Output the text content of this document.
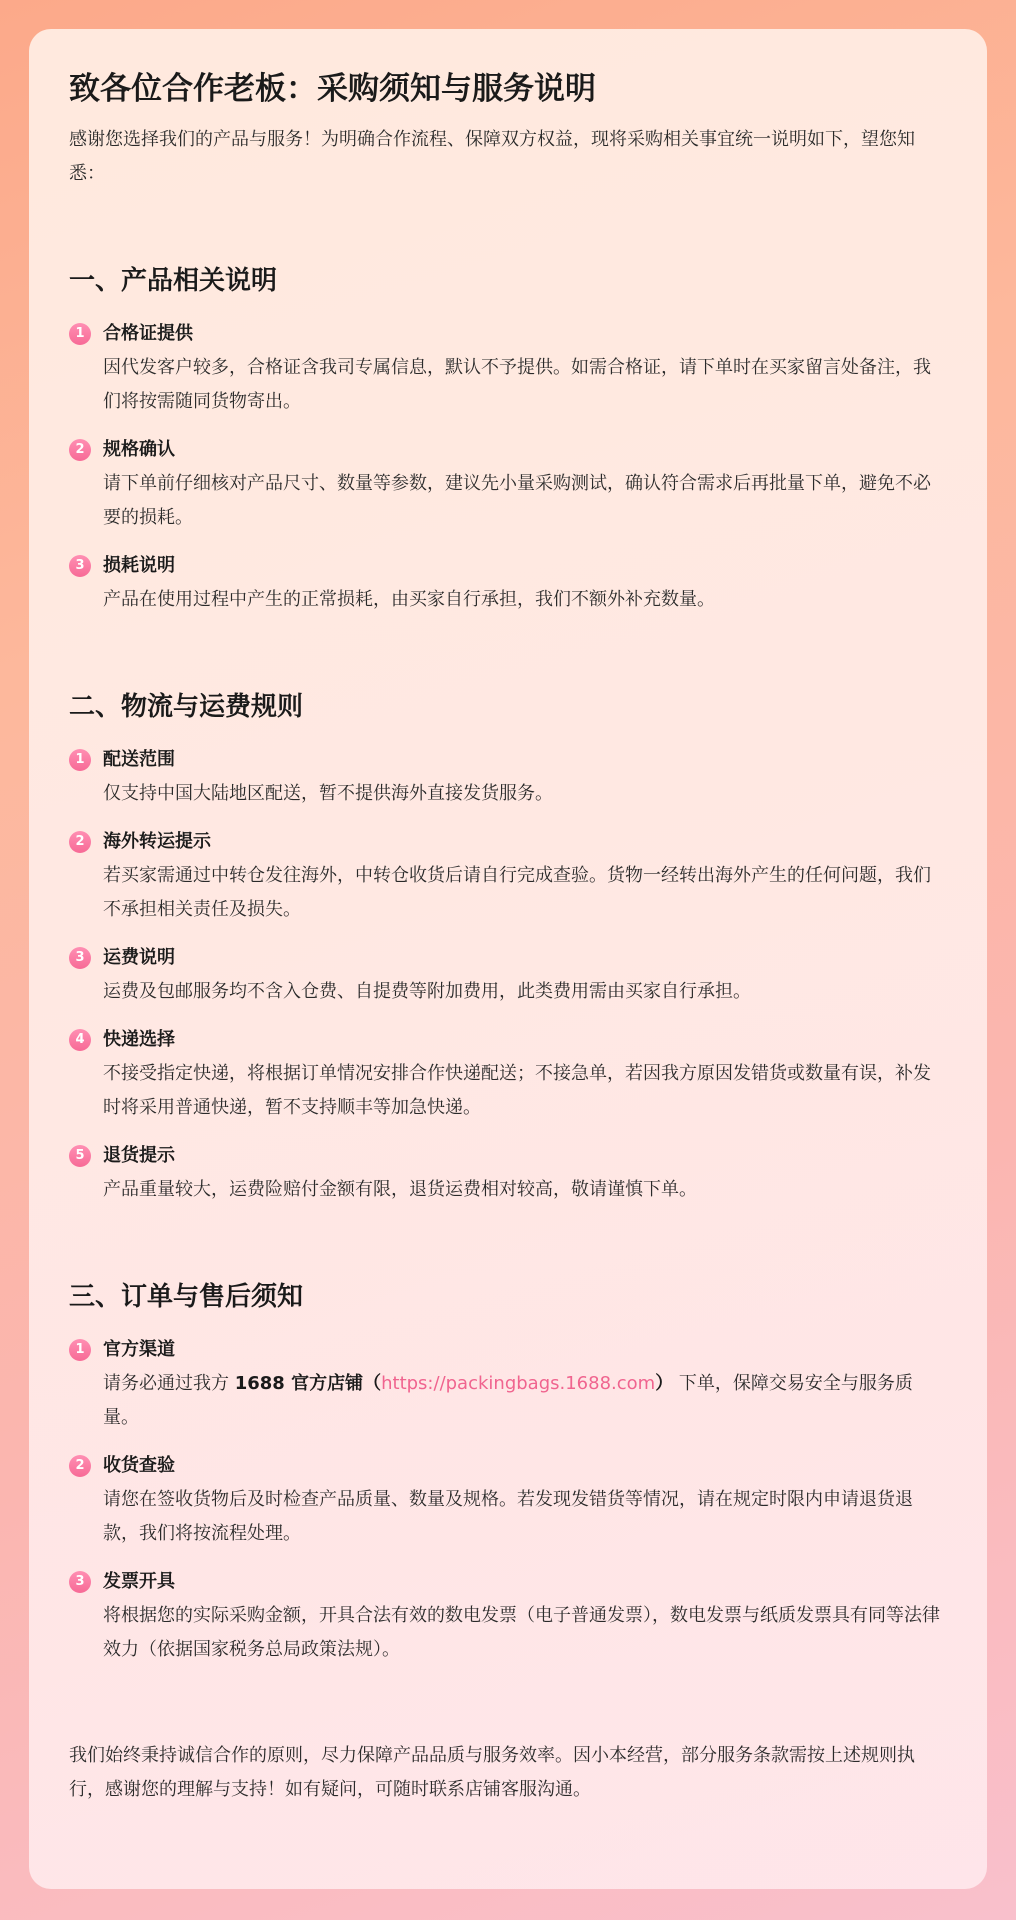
致各位合作老板：采购须知与服务说明
感谢您选择我们的产品与服务！为明确合作流程、保障双方权益，现将采购相关事宜统一说明如下，望您知悉：
一、产品相关说明
1	合格证提供
因代发客户较多，合格证含我司专属信息，默认不予提供。如需合格证，请下单时在买家留言处备注，我们将按需随同货物寄出。
2	规格确认
请下单前仔细核对产品尺寸、数量等参数，建议先小量采购测试，确认符合需求后再批量下单，避免不必要的损耗。
3	损耗说明
产品在使用过程中产生的正常损耗，由买家自行承担，我们不额外补充数量。
二、物流与运费规则
1	配送范围
仅支持中国大陆地区配送，暂不提供海外直接发货服务。
2	海外转运提示
若买家需通过中转仓发往海外，中转仓收货后请自行完成查验。货物一经转出海外产生的任何问题，我们不承担相关责任及损失。
3	运费说明
运费及包邮服务均不含入仓费、自提费等附加费用，此类费用需由买家自行承担。
4	快递选择
不接受指定快递，将根据订单情况安排合作快递配送；不接急单，若因我方原因发错货或数量有误，补发时将采用普通快递，暂不支持顺丰等加急快递。
5	退货提示
产品重量较大，运费险赔付金额有限，退货运费相对较高，敬请谨慎下单。
三、订单与售后须知
1	官方渠道
请务必通过我方 1688 官方店铺（https://packingbags.1688.com） 下单，保障交易安全与服务质量。
2	收货查验
请您在签收货物后及时检查产品质量、数量及规格。若发现发错货等情况，请在规定时限内申请退货退款，我们将按流程处理。
3	发票开具
将根据您的实际采购金额，开具合法有效的数电发票（电子普通发票），数电发票与纸质发票具有同等法律效力（依据国家税务总局政策法规）。
我们始终秉持诚信合作的原则，尽力保障产品品质与服务效率。因小本经营，部分服务条款需按上述规则执行，感谢您的理解与支持！如有疑问，可随时联系店铺客服沟通。
